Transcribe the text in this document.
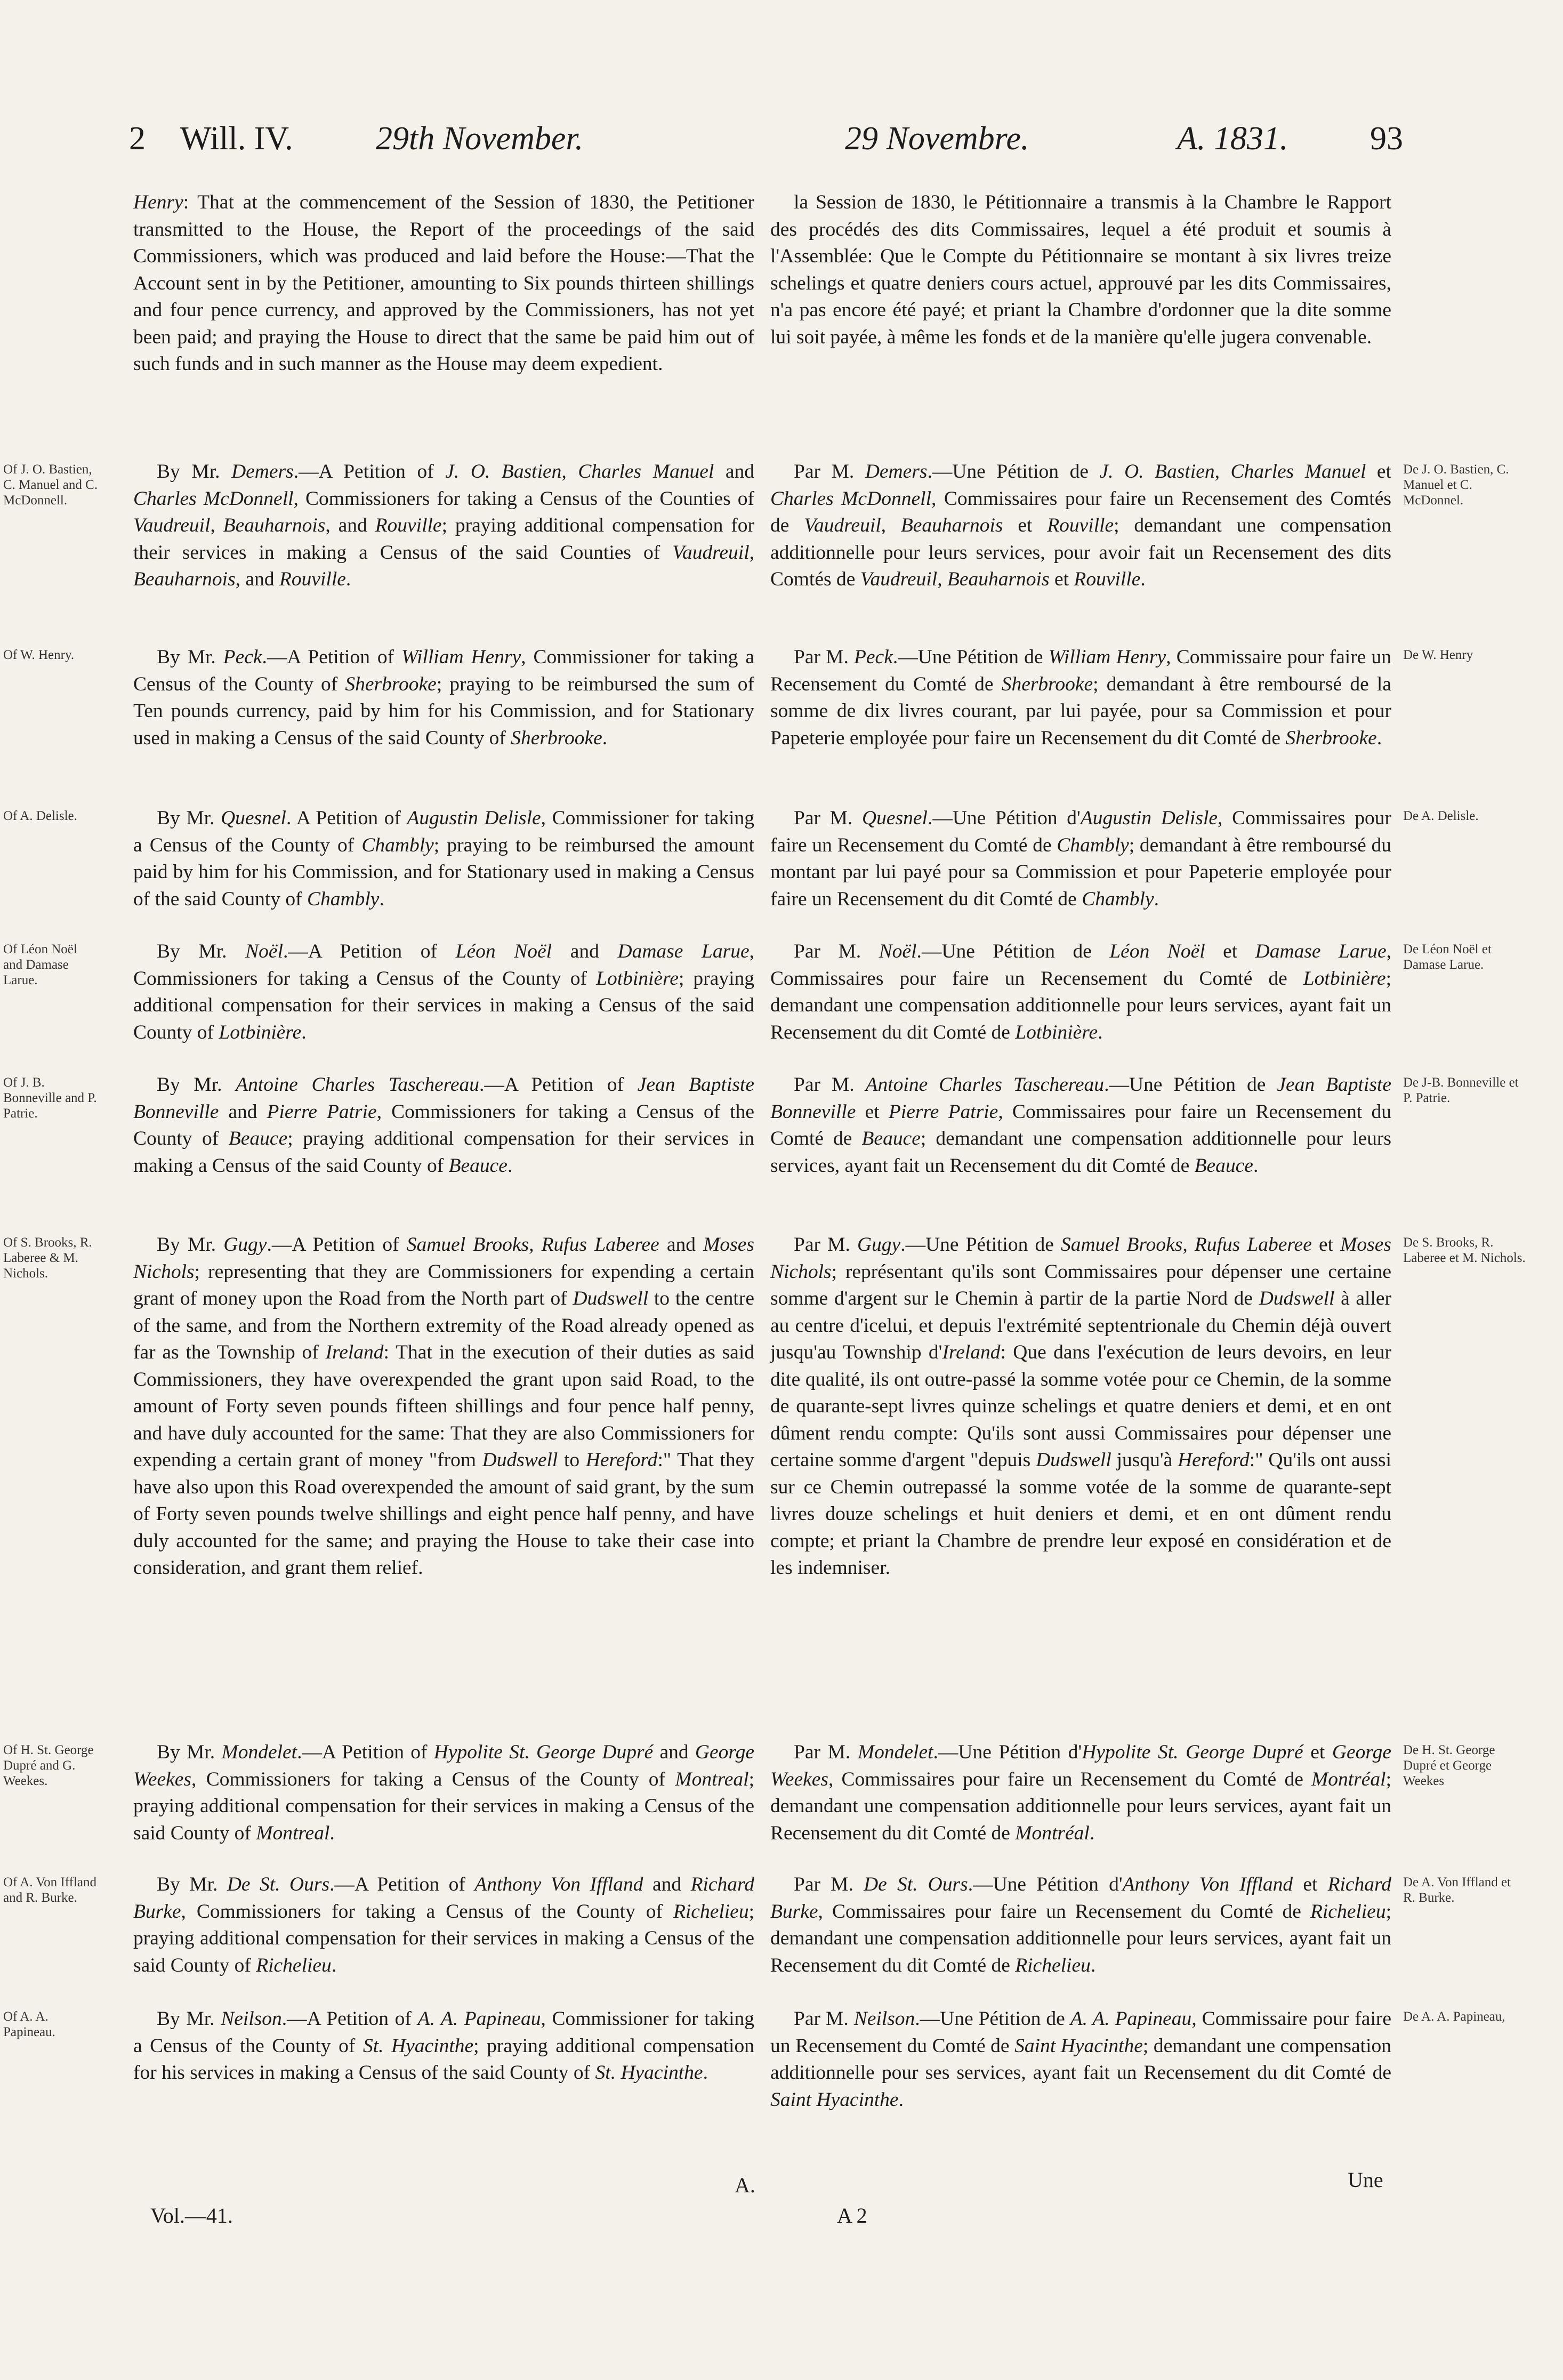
2 Will. IV.	29th November.	29 Novembre.	A. 1831. 93

Henry: That at the commencement of the Session of 1830, the Petitioner transmitted to the House, the Report of the proceedings of the said Commissioners, which was produced and laid before the House:—That the Account sent in by the Petitioner, amounting to Six pounds thirteen shillings and four pence currency, and approved by the Commissioners, has not yet been paid; and praying the House to direct that the same be paid him out of such funds and in such manner as the House may deem expedient.

la Session de 1830, le Pétitionnaire a transmis à la Chambre le Rapport des procédés des dits Commissaires, lequel a été produit et soumis à l'Assemblée: Que le Compte du Pétitionnaire se montant à six livres treize schelings et quatre deniers cours actuel, approuvé par les dits Commissaires, n'a pas encore été payé; et priant la Chambre d'ordonner que la dite somme lui soit payée, à même les fonds et de la manière qu'elle jugera convenable.

By Mr. Demers.—A Petition of J. O. Bastien, Charles Manuel and Charles McDonnell, Commissioners for taking a Census of the Counties of Vaudreuil, Beauharnois, and Rouville; praying additional compensation for their services in making a Census of the said Counties of Vaudreuil, Beauharnois, and Rouville.

Par M. Demers.—Une Pétition de J. O. Bastien, Charles Manuel et Charles McDonnell, Commissaires pour faire un Recensement des Comtés de Vaudreuil, Beauharnois et Rouville; demandant une compensation additionnelle pour leurs services, pour avoir fait un Recensement des dits Comtés de Vaudreuil, Beauharnois et Rouville.

Of J. O. Bastien, C. Manuel and C. McDonnell.
De J. O. Bastien, C. Manuel et C. McDonnel.

By Mr. Peck.—A Petition of William Henry, Commissioner for taking a Census of the County of Sherbrooke; praying to be reimbursed the sum of Ten pounds currency, paid by him for his Commission, and for Stationary used in making a Census of the said County of Sherbrooke.

Par M. Peck.—Une Pétition de William Henry, Commissaire pour faire un Recensement du Comté de Sherbrooke; demandant à être remboursé de la somme de dix livres courant, par lui payée, pour sa Commission et pour Papeterie employée pour faire un Recensement du dit Comté de Sherbrooke.

Of W. Henry.	De W. Henry

By Mr. Quesnel. A Petition of Augustin Delisle, Commissioner for taking a Census of the County of Chambly; praying to be reimbursed the amount paid by him for his Commission, and for Stationary used in making a Census of the said County of Chambly.

Par M. Quesnel.—Une Pétition d'Augustin Delisle, Commissaires pour faire un Recensement du Comté de Chambly; demandant à être remboursé du montant par lui payé pour sa Commission et pour Papeterie employée pour faire un Recensement du dit Comté de Chambly.

Of A. Delisle.	De A. Delisle.

By Mr. Noël.—A Petition of Léon Noël and Damase Larue, Commissioners for taking a Census of the County of Lotbinière; praying additional compensation for their services in making a Census of the said County of Lotbinière.

Par M. Noël.—Une Pétition de Léon Noël et Damase Larue, Commissaires pour faire un Recensement du Comté de Lotbinière; demandant une compensation additionnelle pour leurs services, ayant fait un Recensement du dit Comté de Lotbinière.

Of Léon Noël and Damase Larue.
De Léon Noël et Damase Larue.

By Mr. Antoine Charles Taschereau.—A Petition of Jean Baptiste Bonneville and Pierre Patrie, Commissioners for taking a Census of the County of Beauce; praying additional compensation for their services in making a Census of the said County of Beauce.

Par M. Antoine Charles Taschereau.—Une Pétition de Jean Baptiste Bonneville et Pierre Patrie, Commissaires pour faire un Recensement du Comté de Beauce; demandant une compensation additionnelle pour leurs services, ayant fait un Recensement du dit Comté de Beauce.

Of J. B. Bonneville and P. Patrie.
De J-B. Bonneville et P. Patrie.

By Mr. Gugy.—A Petition of Samuel Brooks, Rufus Laberee and Moses Nichols; representing that they are Commissioners for expending a certain grant of money upon the Road from the North part of Dudswell to the centre of the same, and from the Northern extremity of the Road already opened as far as the Township of Ireland: That in the execution of their duties as said Commissioners, they have overexpended the grant upon said Road, to the amount of Forty seven pounds fifteen shillings and four pence half penny, and have duly accounted for the same: That they are also Commissioners for expending a certain grant of money "from Dudswell to Hereford:" That they have also upon this Road overexpended the amount of said grant, by the sum of Forty seven pounds twelve shillings and eight pence half penny, and have duly accounted for the same; and praying the House to take their case into consideration, and grant them relief.

Par M. Gugy.—Une Pétition de Samuel Brooks, Rufus Laberee et Moses Nichols; représentant qu'ils sont Commissaires pour dépenser une certaine somme d'argent sur le Chemin à partir de la partie Nord de Dudswell à aller au centre d'icelui, et depuis l'extrémité septentrionale du Chemin déjà ouvert jusqu'au Township d'Ireland: Que dans l'exécution de leurs devoirs, en leur dite qualité, ils ont outre-passé la somme votée pour ce Chemin, de la somme de quarante-sept livres quinze schelings et quatre deniers et demi, et en ont dûment rendu compte: Qu'ils sont aussi Commissaires pour dépenser une certaine somme d'argent "depuis Dudswell jusqu'à Hereford:" Qu'ils ont aussi sur ce Chemin outrepassé la somme votée de la somme de quarante-sept livres douze schelings et huit deniers et demi, et en ont dûment rendu compte; et priant la Chambre de prendre leur exposé en considération et de les indemniser.

Of S. Brooks, R. Laberee & M. Nichols.
De S. Brooks, R. Laberee et M. Nichols.

By Mr. Mondelet.—A Petition of Hypolite St. George Dupré and George Weekes, Commissioners for taking a Census of the County of Montreal; praying additional compensation for their services in making a Census of the said County of Montreal.

Par M. Mondelet.—Une Pétition d'Hypolite St. George Dupré et George Weekes, Commissaires pour faire un Recensement du Comté de Montréal; demandant une compensation additionnelle pour leurs services, ayant fait un Recensement du dit Comté de Montréal.

Of H. St. George Dupré and G. Weekes.
De H. St. George Dupré et George Weekes

By Mr. De St. Ours.—A Petition of Anthony Von Iffland and Richard Burke, Commissioners for taking a Census of the County of Richelieu; praying additional compensation for their services in making a Census of the said County of Richelieu.

Par M. De St. Ours.—Une Pétition d'Anthony Von Iffland et Richard Burke, Commissaires pour faire un Recensement du Comté de Richelieu; demandant une compensation additionnelle pour leurs services, ayant fait un Recensement du dit Comté de Richelieu.

Of A. Von Iffland and R. Burke.
De A. Von Iffland et R. Burke.

By Mr. Neilson.—A Petition of A. A. Papineau, Commissioner for taking a Census of the County of St. Hyacinthe; praying additional compensation for his services in making a Census of the said County of St. Hyacinthe.

Par M. Neilson.—Une Pétition de A. A. Papineau, Commissaire pour faire un Recensement du Comté de Saint Hyacinthe; demandant une compensation additionnelle pour ses services, ayant fait un Recensement du dit Comté de Saint Hyacinthe.

Of A. A. Papineau.
De A. A. Papineau,
A.	Une
Vol.—41.	A 2
